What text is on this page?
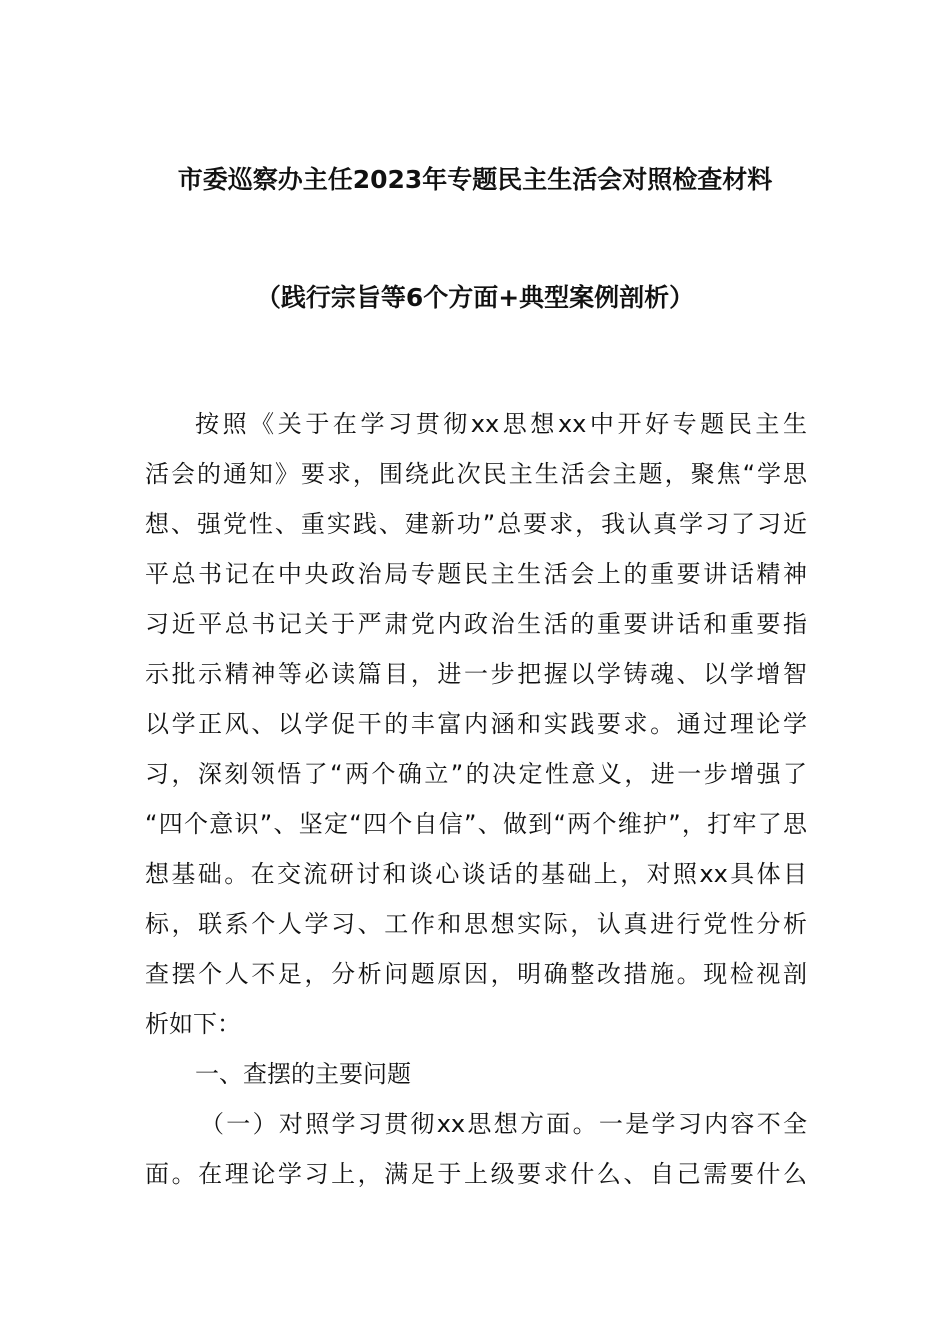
市委巡察办主任2023年专题民主生活会对照检查材料
（践行宗旨等6个方面+典型案例剖析）
按照《关于在学习贯彻xx思想xx中开好专题民主生
活会的通知》要求，围绕此次民主生活会主题，聚焦“学思
想、强党性、重实践、建新功”总要求，我认真学习了习近
平总书记在中央政治局专题民主生活会上的重要讲话精神
习近平总书记关于严肃党内政治生活的重要讲话和重要指
示批示精神等必读篇目，进一步把握以学铸魂、以学增智
以学正风、以学促干的丰富内涵和实践要求。通过理论学
习，深刻领悟了“两个确立”的决定性意义，进一步增强了
“四个意识”、坚定“四个自信”、做到“两个维护”，打牢了思
想基础。在交流研讨和谈心谈话的基础上，对照xx具体目
标，联系个人学习、工作和思想实际，认真进行党性分析
查摆个人不足，分析问题原因，明确整改措施。现检视剖
析如下：
一、查摆的主要问题
（一）对照学习贯彻xx思想方面。一是学习内容不全
面。在理论学习上，满足于上级要求什么、自己需要什么
